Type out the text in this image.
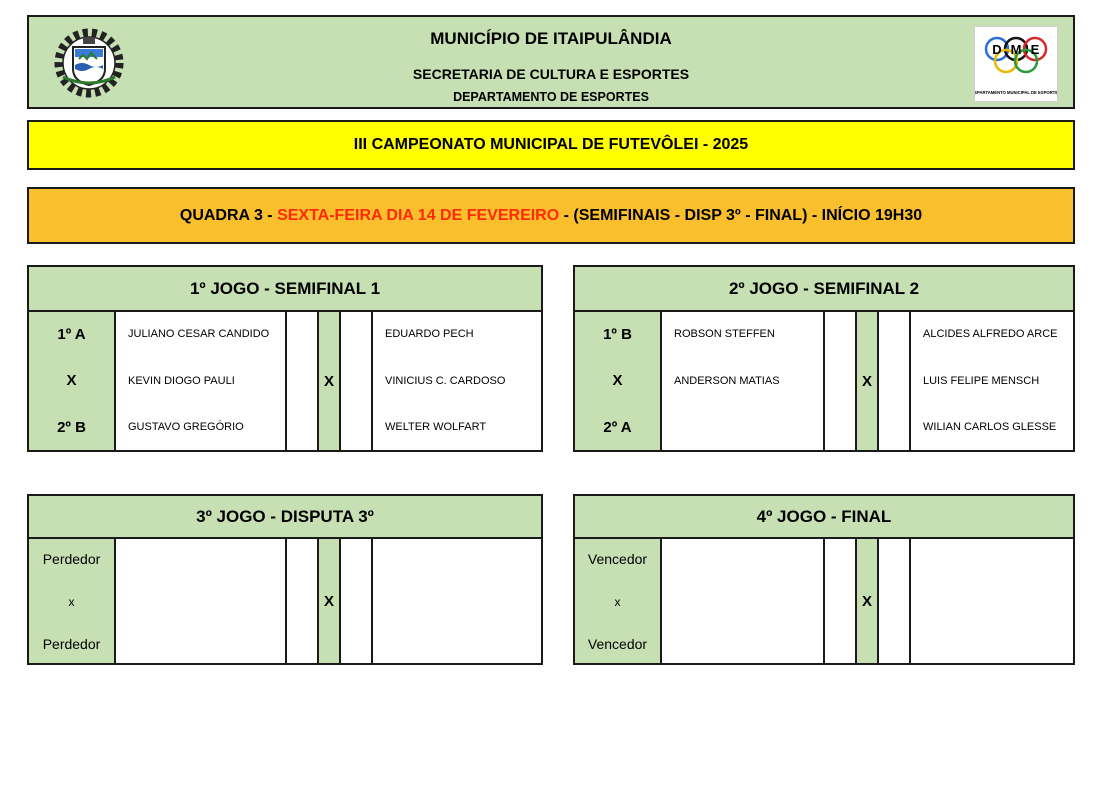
MUNICÍPIO DE ITAIPULÂNDIA
SECRETARIA DE CULTURA E ESPORTES
DEPARTAMENTO DE ESPORTES
D M E
DEPARTAMENTO MUNICIPAL DE ESPORTES
III CAMPEONATO MUNICIPAL DE FUTEVÔLEI - 2025
QUADRA 3 - SEXTA-FEIRA DIA 14 DE FEVEREIRO - (SEMIFINAIS - DISP 3º - FINAL) - INÍCIO 19H30
1º JOGO - SEMIFINAL 1
1º A
X
2º B
JULIANO CESAR CANDIDO
KEVIN DIOGO PAULI
GUSTAVO GREGÓRIO
X
EDUARDO PECH
VINICIUS C. CARDOSO
WELTER WOLFART
2º JOGO - SEMIFINAL 2
1º B
X
2º A
ROBSON STEFFEN
ANDERSON MATIAS	X
ALCIDES ALFREDO ARCE
LUIS FELIPE MENSCH
WILIAN CARLOS GLESSE
3º JOGO - DISPUTA 3º
Perdedor
x
Perdedor
X
4º JOGO - FINAL
Vencedor
x
Vencedor
X
